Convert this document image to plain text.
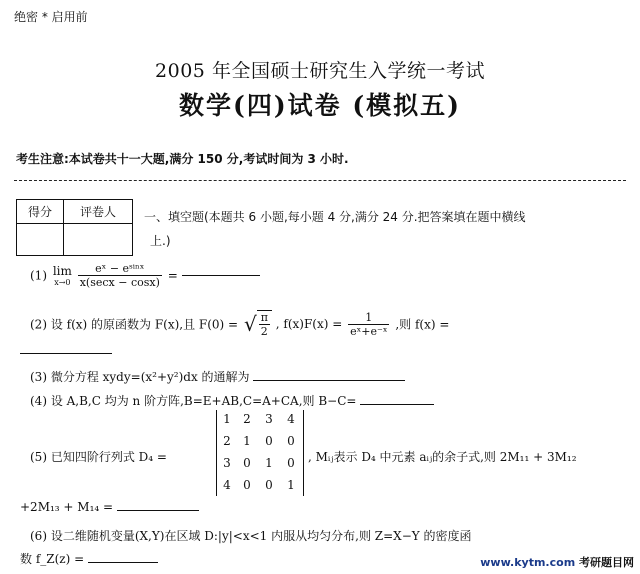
绝密 * 启用前
2005 年全国硕士研究生入学统一考试
数学(四)试卷 (模拟五)
考生注意:本试卷共十一大题,满分 150 分,考试时间为 3 小时.
得分	评卷人
	一、填空题(本题共 6 小题,每小题 4 分,满分 24 分.把答案填在题中横线
上.)
(1) lim
x→0
$\frac{\text{eˣ − eˢⁱⁿˣ}}{x(\sec x - \cos x)}$ =
(2) 设 f(x) 的原函数为 F(x),且 F(0) = √ $\frac{\pi}{2}$ , $f(x)F(x) = \frac{1}{\text{eˣ+e⁻ˣ}}$ ,则 f(x) =
(3) 微分方程 xydy=(x²+y²)dx 的通解为
(4) 设 A,B,C 均为 n 阶方阵,B=E+AB,C=A+CA,则 B−C=
(5) 已知四阶行列式 D₄ =
1	2	3	4
2	1	0	0
3	0	1	0
4	0	0	1
, Mᵢⱼ表示 D₄ 中元素 aᵢⱼ的余子式,则 2M₁₁ + 3M₁₂
+2M₁₃ + M₁₄ =
(6) 设二维随机变量(X,Y)在区域 D:|y|<x<1 内服从均匀分布,则 Z=X−Y 的密度函
数 f_Z(z) =	www.kytm.com 考研题目网
